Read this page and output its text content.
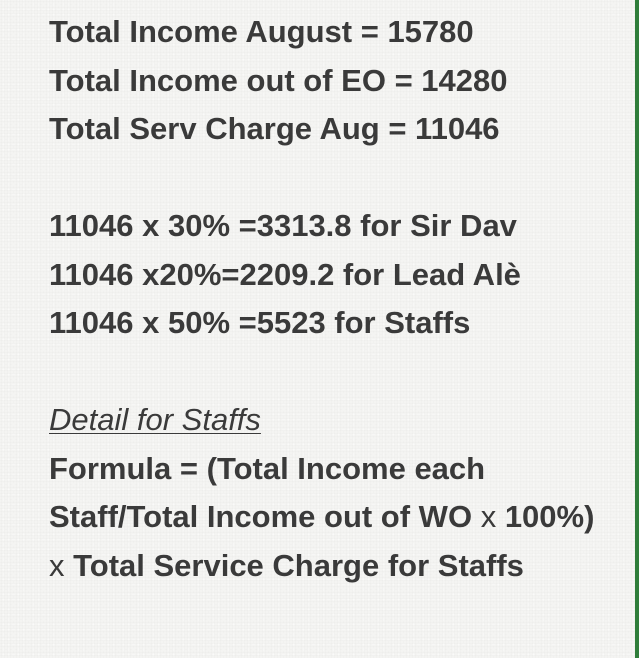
Total Income August = 15780
Total Income out of EO = 14280
Total Serv Charge Aug = 11046
11046 x 30% =3313.8 for Sir Dav
11046 x20%=2209.2 for Lead Alè
11046 x 50% =5523 for Staffs
Detail for Staffs
Formula = (Total Income each Staff/Total Income out of WO x 100%) x Total Service Charge for Staffs
